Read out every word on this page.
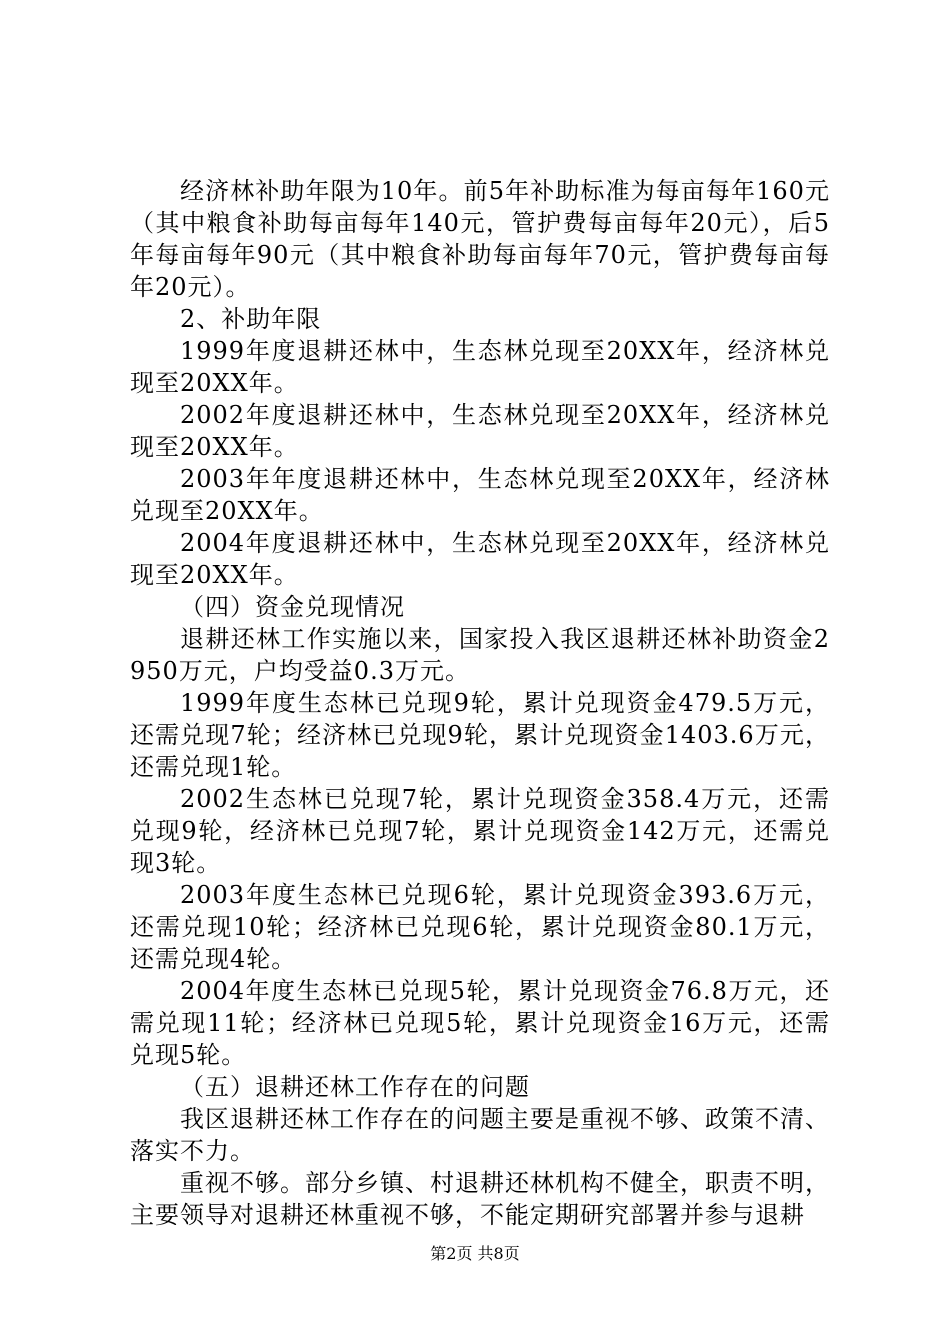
经济林补助年限为10年。前5年补助标准为每亩每年160元（其中粮食补助每亩每年140元，管护费每亩每年20元），后5年每亩每年90元（其中粮食补助每亩每年70元，管护费每亩每年20元）。

2、补助年限

1999年度退耕还林中，生态林兑现至20XX年，经济林兑现至20XX年。

2002年度退耕还林中，生态林兑现至20XX年，经济林兑现至20XX年。

2003年年度退耕还林中，生态林兑现至20XX年，经济林兑现至20XX年。

2004年度退耕还林中，生态林兑现至20XX年，经济林兑现至20XX年。

（四）资金兑现情况

退耕还林工作实施以来，国家投入我区退耕还林补助资金2950万元，户均受益0.3万元。

1999年度生态林已兑现9轮，累计兑现资金479.5万元，还需兑现7轮；经济林已兑现9轮，累计兑现资金1403.6万元，还需兑现1轮。

2002生态林已兑现7轮，累计兑现资金358.4万元，还需兑现9轮，经济林已兑现7轮，累计兑现资金142万元，还需兑现3轮。

2003年度生态林已兑现6轮，累计兑现资金393.6万元，还需兑现10轮；经济林已兑现6轮，累计兑现资金80.1万元，还需兑现4轮。

2004年度生态林已兑现5轮，累计兑现资金76.8万元，还需兑现11轮；经济林已兑现5轮，累计兑现资金16万元，还需兑现5轮。

（五）退耕还林工作存在的问题

我区退耕还林工作存在的问题主要是重视不够、政策不清、落实不力。

重视不够。部分乡镇、村退耕还林机构不健全，职责不明，主要领导对退耕还林重视不够，不能定期研究部署并参与退耕

第2页 共8页
